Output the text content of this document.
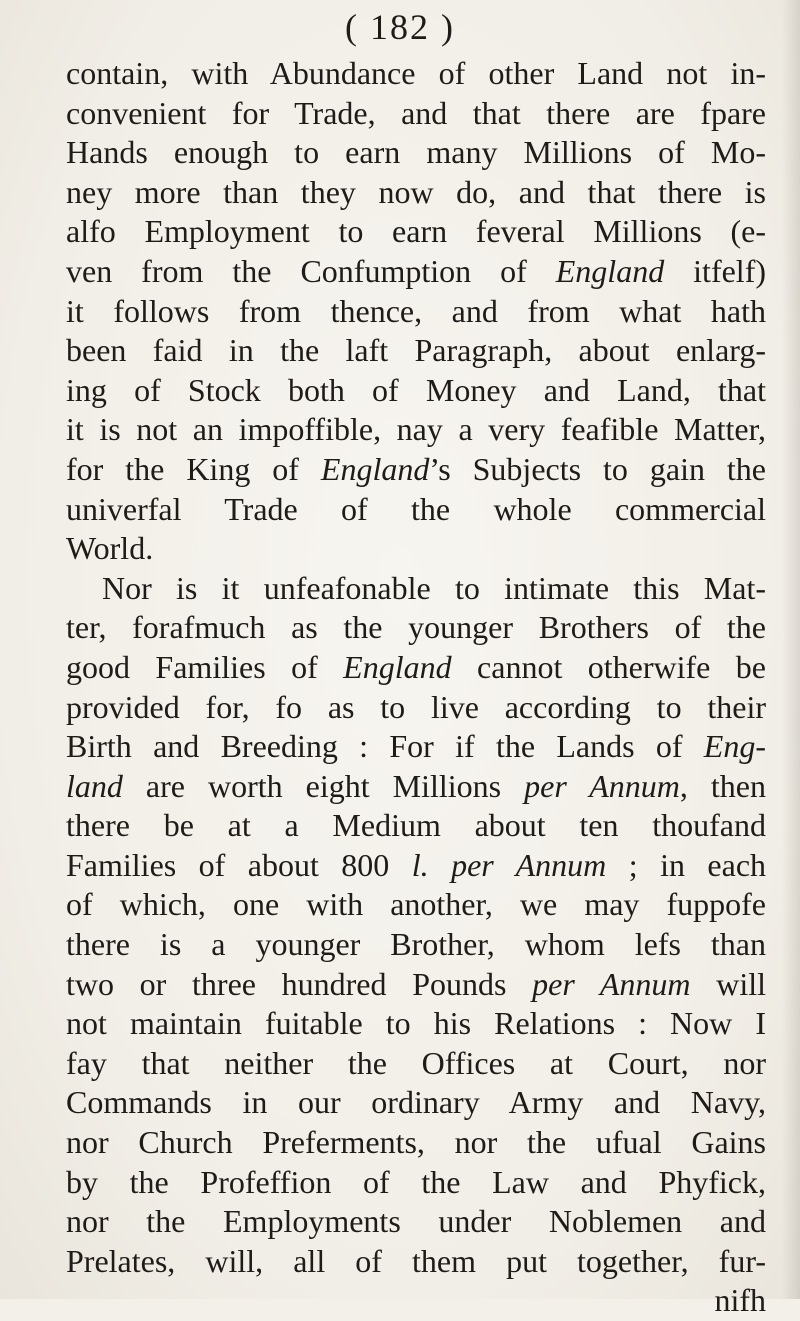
( 182 )
contain, with Abundance of other Land not in-
convenient for Trade, and that there are fpare
Hands enough to earn many Millions of Mo-
ney more than they now do, and that there is
alfo Employment to earn feveral Millions (e-
ven from the Confumption of England itfelf)
it follows from thence, and from what hath
been faid in the laft Paragraph, about enlarg-
ing of Stock both of Money and Land, that
it is not an impoffible, nay a very feafible Matter,
for the King of England’s Subjects to gain the
univerfal Trade of the whole commercial
World.
Nor is it unfeafonable to intimate this Mat-
ter, forafmuch as the younger Brothers of the
good Families of England cannot otherwife be
provided for, fo as to live according to their
Birth and Breeding : For if the Lands of Eng-
land are worth eight Millions per Annum, then
there be at a Medium about ten thoufand
Families of about 800 l. per Annum ; in each
of which, one with another, we may fuppofe
there is a younger Brother, whom lefs than
two or three hundred Pounds per Annum will
not maintain fuitable to his Relations : Now I
fay that neither the Offices at Court, nor
Commands in our ordinary Army and Navy,
nor Church Preferments, nor the ufual Gains
by the Profeffion of the Law and Phyfick,
nor the Employments under Noblemen and
Prelates, will, all of them put together, fur-
nifh
